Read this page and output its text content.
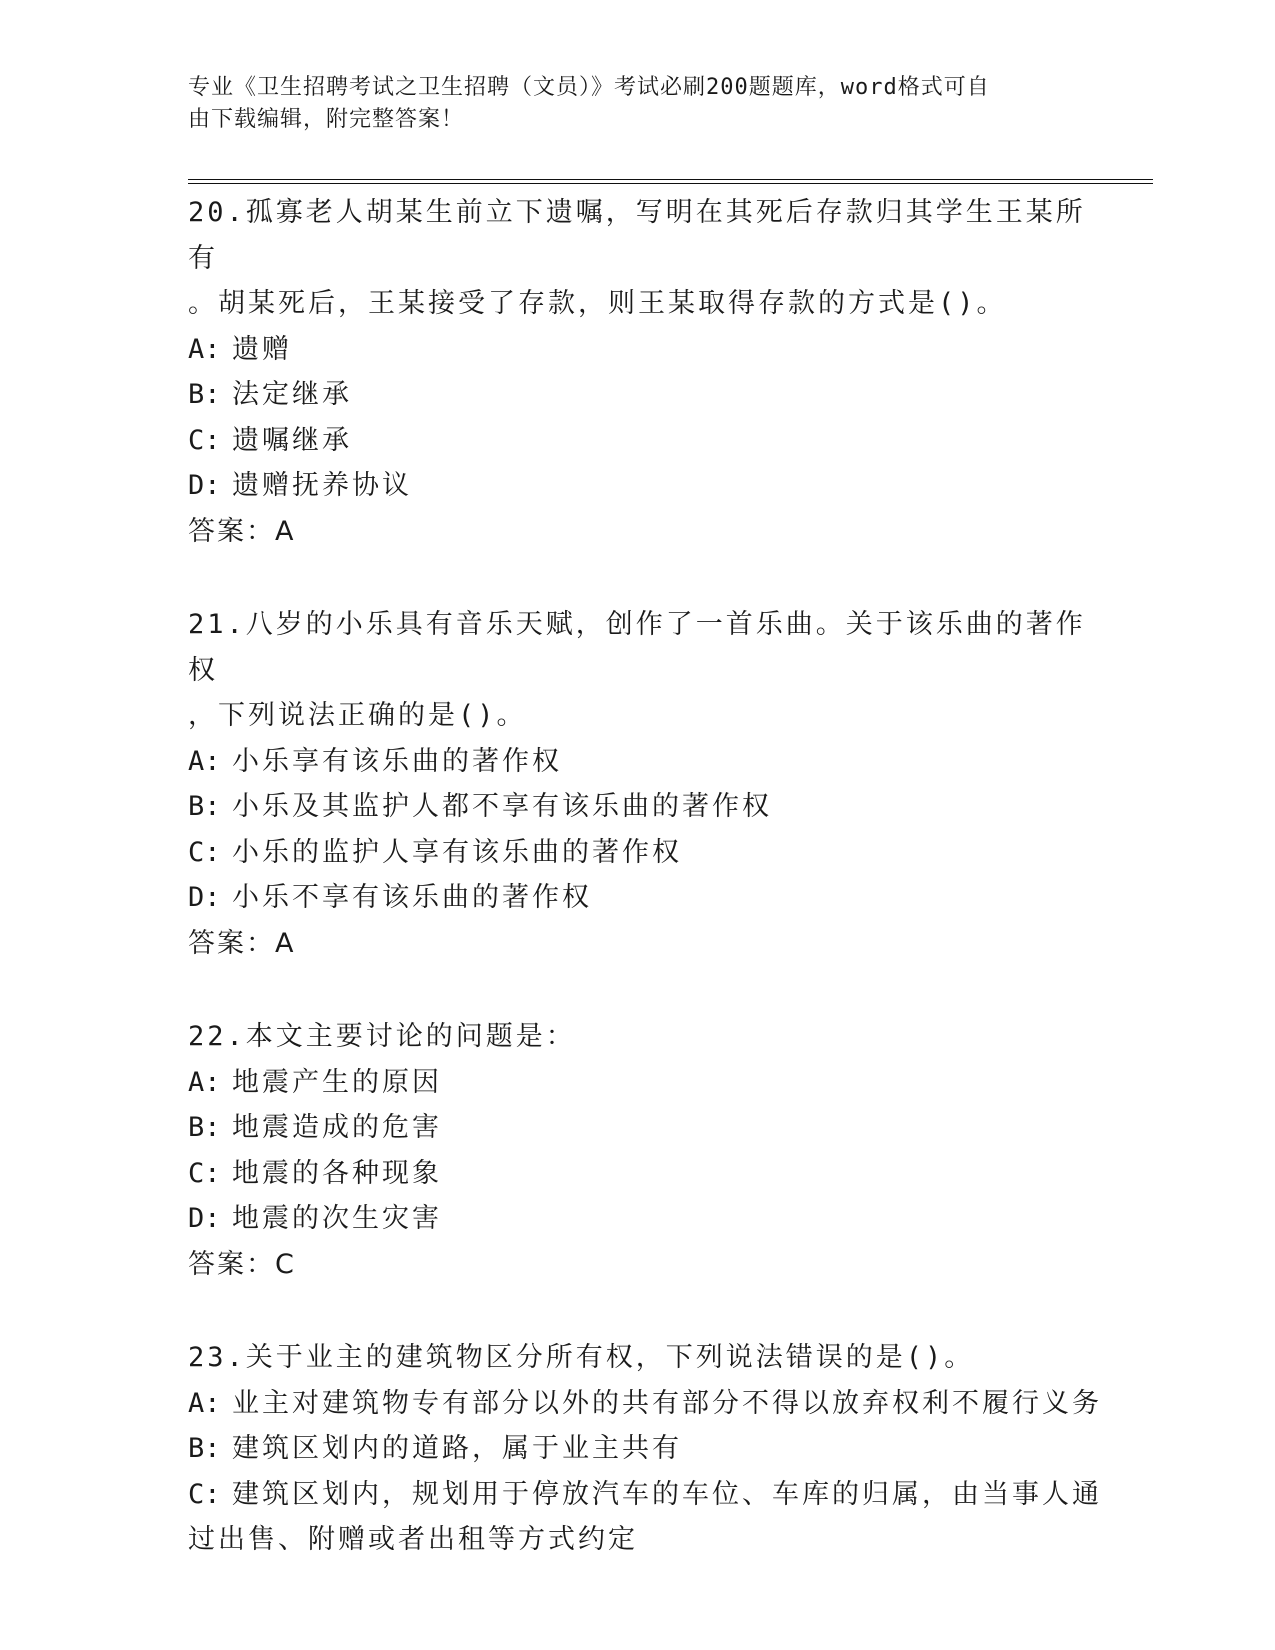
专业《卫生招聘考试之卫生招聘（文员）》考试必刷200题题库，word格式可自
由下载编辑，附完整答案！
20.孤寡老人胡某生前立下遗嘱，写明在其死后存款归其学生王某所有
。胡某死后，王某接受了存款，则王某取得存款的方式是()。
A: 遗赠
B: 法定继承
C: 遗嘱继承
D: 遗赠抚养协议
答案：A
21.八岁的小乐具有音乐天赋，创作了一首乐曲。关于该乐曲的著作权
，下列说法正确的是()。
A: 小乐享有该乐曲的著作权
B: 小乐及其监护人都不享有该乐曲的著作权
C: 小乐的监护人享有该乐曲的著作权
D: 小乐不享有该乐曲的著作权
答案：A
22.本文主要讨论的问题是：
A: 地震产生的原因
B: 地震造成的危害
C: 地震的各种现象
D: 地震的次生灾害
答案：C
23.关于业主的建筑物区分所有权，下列说法错误的是()。
A: 业主对建筑物专有部分以外的共有部分不得以放弃权利不履行义务
B: 建筑区划内的道路，属于业主共有
C: 建筑区划内，规划用于停放汽车的车位、车库的归属，由当事人通
过出售、附赠或者出租等方式约定
